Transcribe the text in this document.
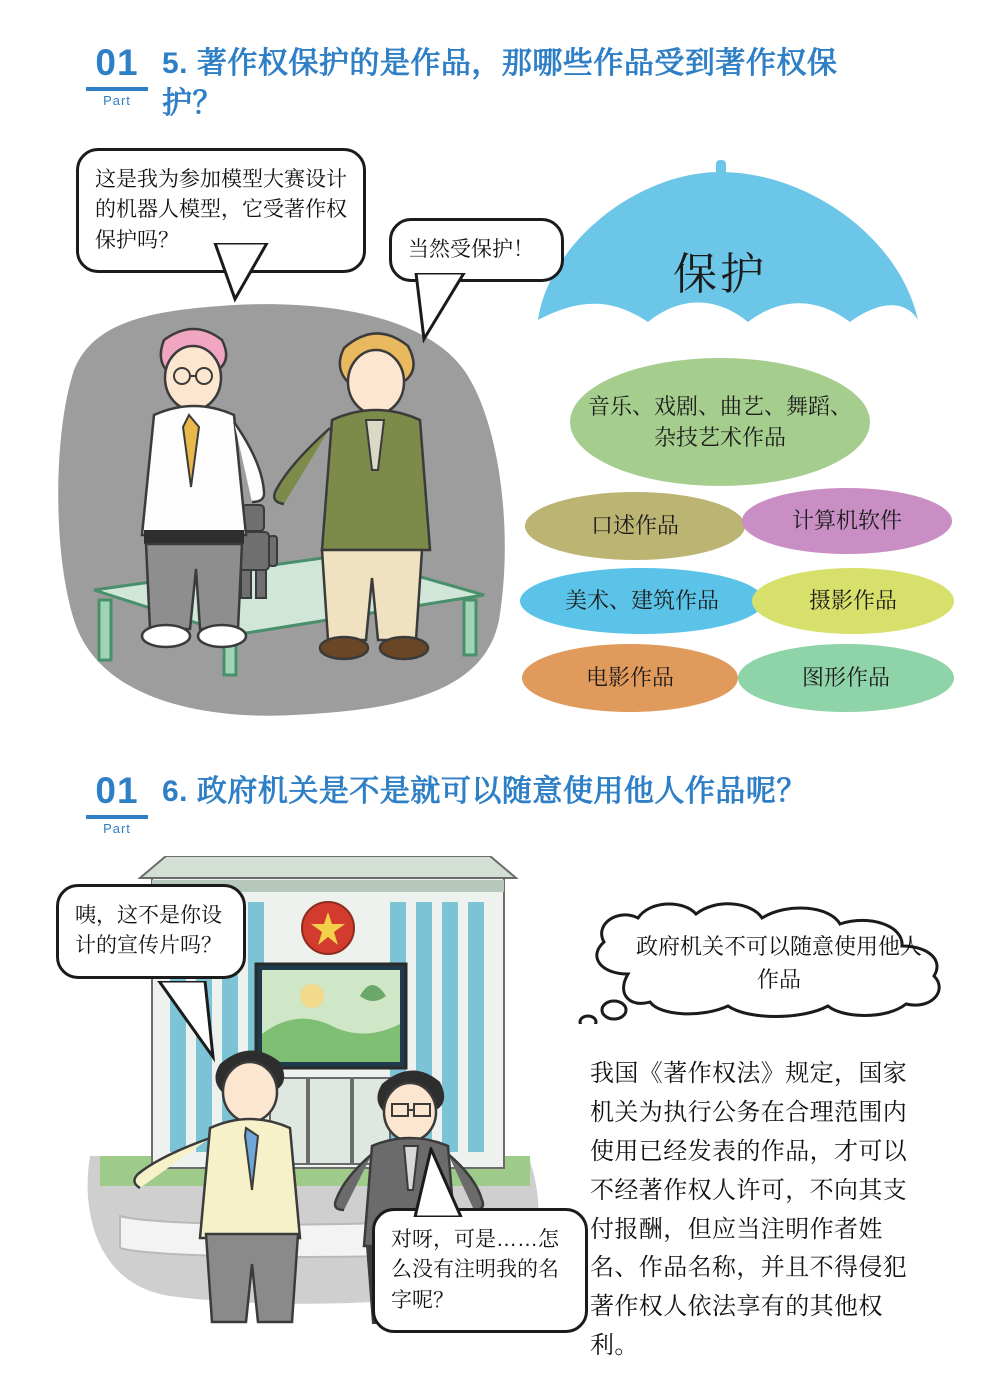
01
Part
5. 著作权保护的是作品，那哪些作品受到著作权保护？
这是我为参加模型大赛设计的机器人模型，它受著作权保护吗？	当然受保护！
保护
音乐、戏剧、曲艺、舞蹈、杂技艺术作品
口述作品	计算机软件
美术、建筑作品	摄影作品
电影作品	图形作品
01
Part
6. 政府机关是不是就可以随意使用他人作品呢？
咦，这不是你设计的宣传片吗？
对呀，可是……怎么没有注明我的名字呢？
政府机关不可以随意使用他人作品
我国《著作权法》规定，国家机关为执行公务在合理范围内使用已经发表的作品，才可以不经著作权人许可，不向其支付报酬，但应当注明作者姓名、作品名称，并且不得侵犯著作权人依法享有的其他权利。
